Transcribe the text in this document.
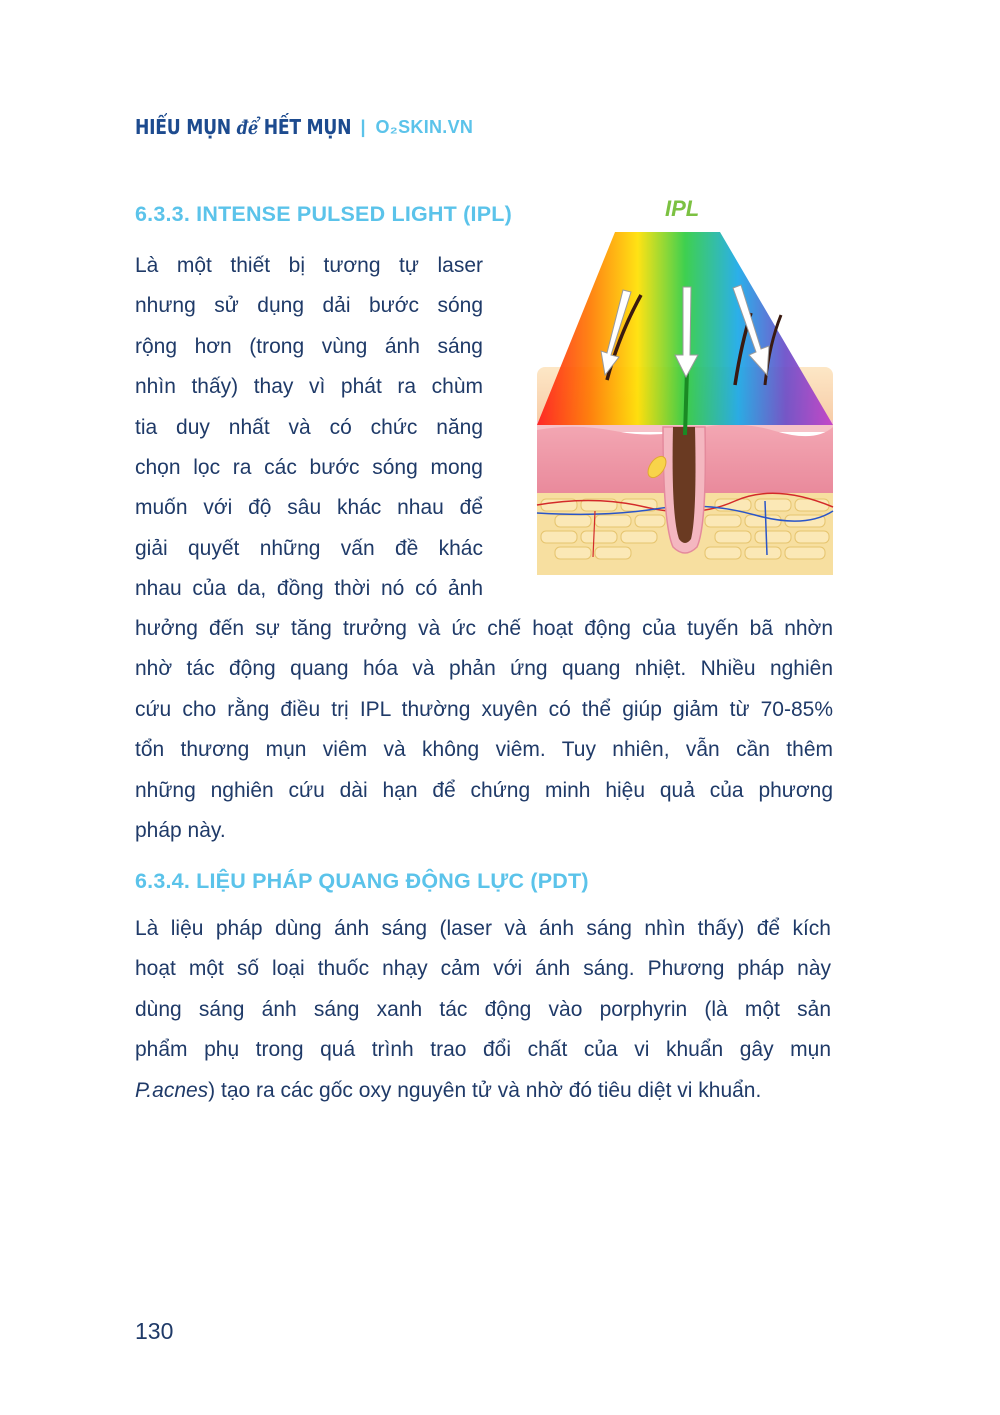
HIỂU MỤN để HẾT MỤN | O₂SKIN.VN
6.3.3. INTENSE PULSED LIGHT (IPL)	IPL
Là một thiết bị tương tự laser
nhưng sử dụng dải bước sóng
rộng hơn (trong vùng ánh sáng
nhìn thấy) thay vì phát ra chùm
tia duy nhất và có chức năng
chọn lọc ra các bước sóng mong
muốn với độ sâu khác nhau để
giải quyết những vấn đề khác
nhau của da, đồng thời nó có ảnh
hưởng đến sự tăng trưởng và ức chế hoạt động của tuyến bã nhờn
nhờ tác động quang hóa và phản ứng quang nhiệt. Nhiều nghiên
cứu cho rằng điều trị IPL thường xuyên có thể giúp giảm từ 70-85%
tổn thương mụn viêm và không viêm. Tuy nhiên, vẫn cần thêm
những nghiên cứu dài hạn để chứng minh hiệu quả của phương
pháp này.
6.3.4. LIỆU PHÁP QUANG ĐỘNG LỰC (PDT)
Là liệu pháp dùng ánh sáng (laser và ánh sáng nhìn thấy) để kích
hoạt một số loại thuốc nhạy cảm với ánh sáng. Phương pháp này
dùng sáng ánh sáng xanh tác động vào porphyrin (là một sản
phẩm phụ trong quá trình trao đổi chất của vi khuẩn gây mụn
P.acnes) tạo ra các gốc oxy nguyên tử và nhờ đó tiêu diệt vi khuẩn.
130
